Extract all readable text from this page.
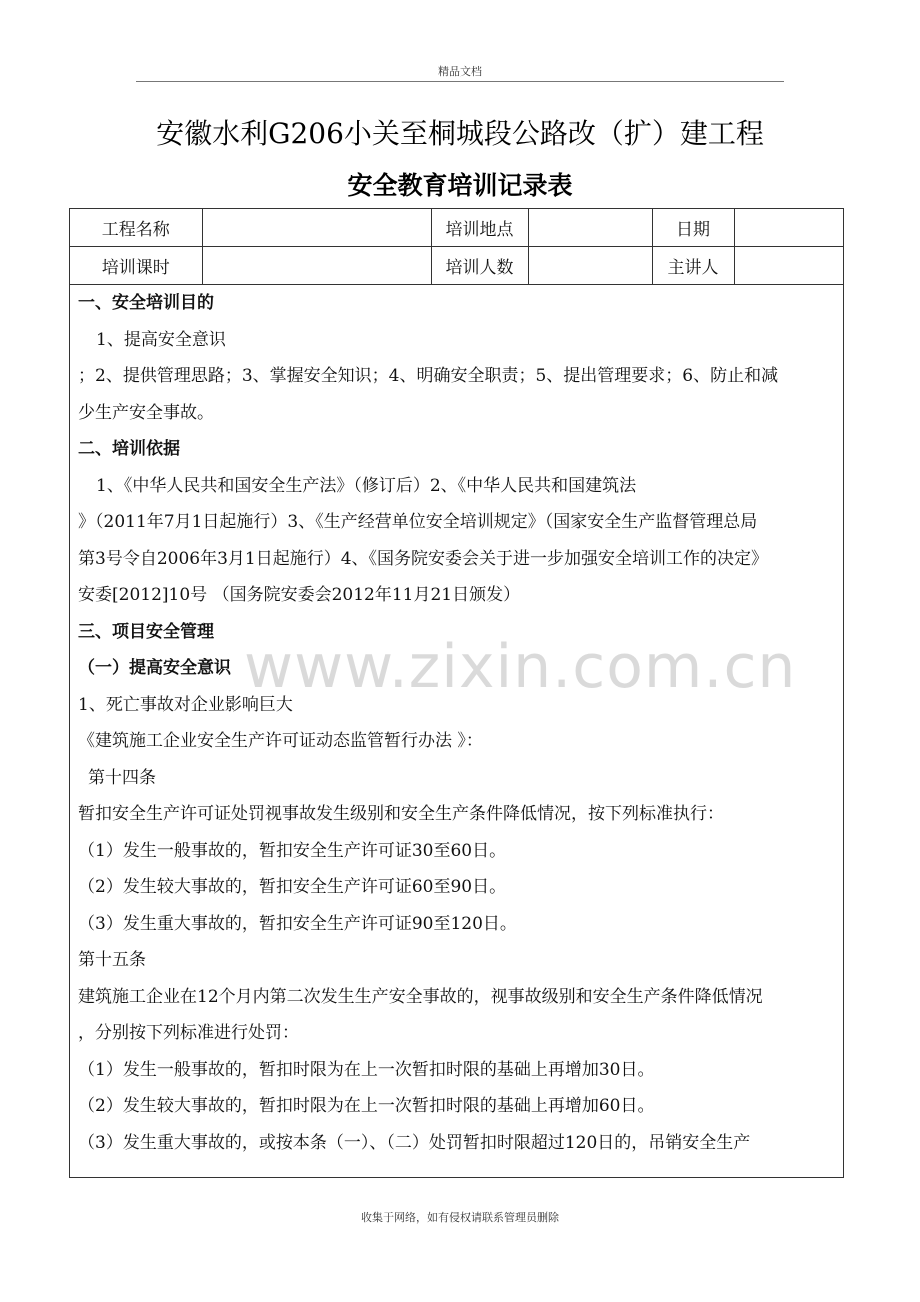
精品文档
安徽水利G206小关至桐城段公路改（扩）建工程
安全教育培训记录表
工程名称		培训地点		日期	
培训课时		培训人数		主讲人	
一、安全培训目的
1、提高安全意识
；2、提供管理思路；3、掌握安全知识；4、明确安全职责；5、提出管理要求；6、防止和减
少生产安全事故。
二、培训依据
1、《中华人民共和国安全生产法》（修订后）2、《中华人民共和国建筑法
》（2011年7月1日起施行）3、《生产经营单位安全培训规定》（国家安全生产监督管理总局
第3号令自2006年3月1日起施行）4、《国务院安委会关于进一步加强安全培训工作的决定》
安委[2012]10号 （国务院安委会2012年11月21日颁发）
三、项目安全管理
（一）提高安全意识
1、死亡事故对企业影响巨大
《建筑施工企业安全生产许可证动态监管暂行办法 》：
第十四条
暂扣安全生产许可证处罚视事故发生级别和安全生产条件降低情况，按下列标准执行：
（1）发生一般事故的，暂扣安全生产许可证30至60日。
（2）发生较大事故的，暂扣安全生产许可证60至90日。
（3）发生重大事故的，暂扣安全生产许可证90至120日。
第十五条
建筑施工企业在12个月内第二次发生生产安全事故的，视事故级别和安全生产条件降低情况
，分别按下列标准进行处罚：
（1）发生一般事故的，暂扣时限为在上一次暂扣时限的基础上再增加30日。
（2）发生较大事故的，暂扣时限为在上一次暂扣时限的基础上再增加60日。
（3）发生重大事故的，或按本条（一）、（二）处罚暂扣时限超过120日的，吊销安全生产
www.zixin.com.cn
收集于网络，如有侵权请联系管理员删除
